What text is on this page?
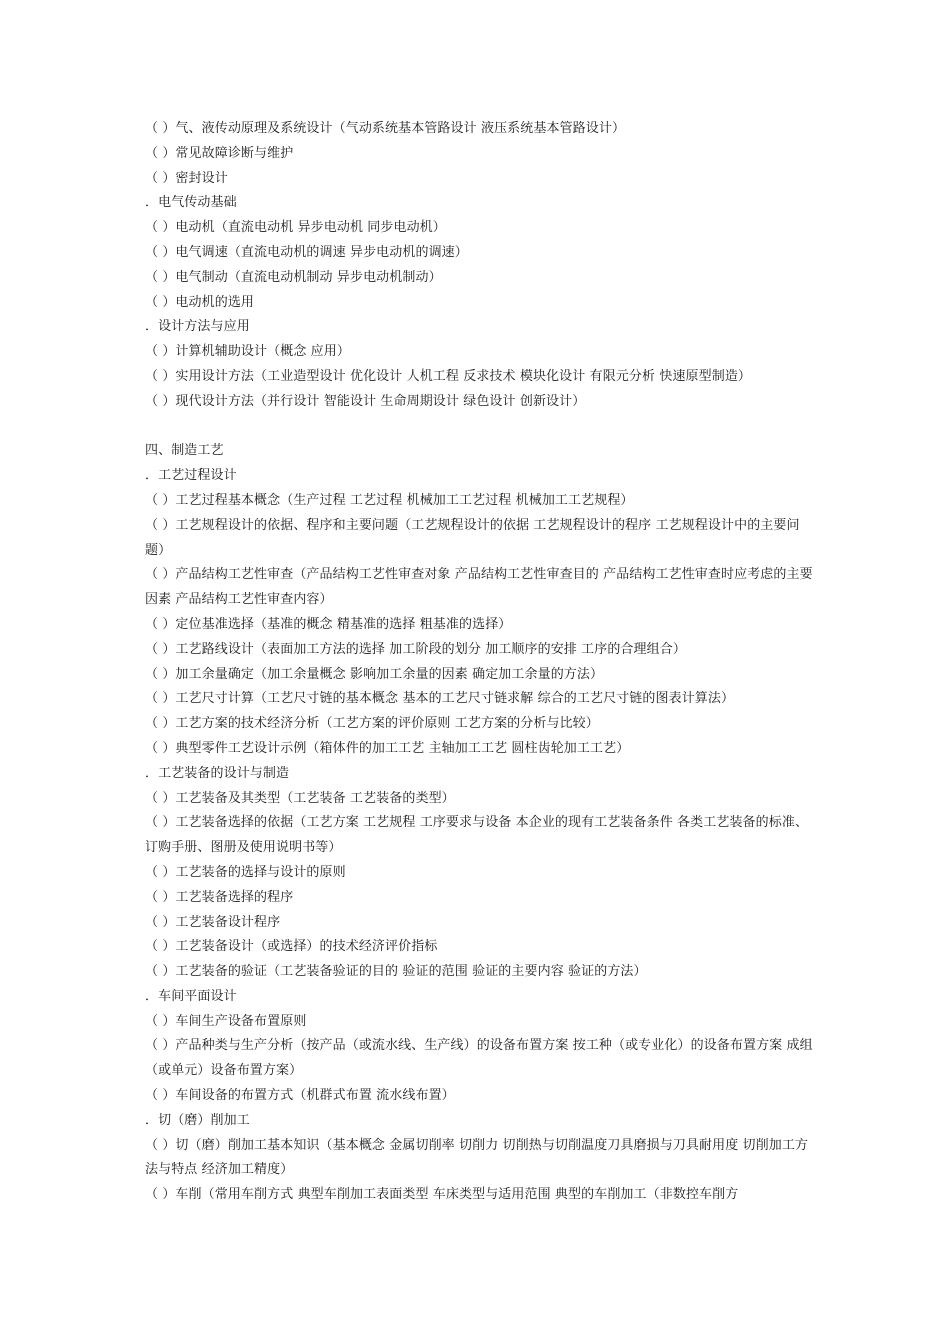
（ ）气、液传动原理及系统设计（气动系统基本管路设计 液压系统基本管路设计）
（ ）常见故障诊断与维护
（ ）密封设计
．电气传动基础
（ ）电动机（直流电动机 异步电动机 同步电动机）
（ ）电气调速（直流电动机的调速 异步电动机的调速）
（ ）电气制动（直流电动机制动 异步电动机制动）
（ ）电动机的选用
．设计方法与应用
（ ）计算机辅助设计（概念 应用）
（ ）实用设计方法（工业造型设计 优化设计 人机工程 反求技术 模块化设计 有限元分析 快速原型制造）
（ ）现代设计方法（并行设计 智能设计 生命周期设计 绿色设计 创新设计）
四、制造工艺
．工艺过程设计
（ ）工艺过程基本概念（生产过程 工艺过程 机械加工工艺过程 机械加工工艺规程）
（ ）工艺规程设计的依据、程序和主要问题（工艺规程设计的依据 工艺规程设计的程序 工艺规程设计中的主要问题）
（ ）产品结构工艺性审查（产品结构工艺性审查对象 产品结构工艺性审查目的 产品结构工艺性审查时应考虑的主要因素 产品结构工艺性审查内容）
（ ）定位基准选择（基准的概念 精基准的选择 粗基准的选择）
（ ）工艺路线设计（表面加工方法的选择 加工阶段的划分 加工顺序的安排 工序的合理组合）
（ ）加工余量确定（加工余量概念 影响加工余量的因素 确定加工余量的方法）
（ ）工艺尺寸计算（工艺尺寸链的基本概念 基本的工艺尺寸链求解 综合的工艺尺寸链的图表计算法）
（ ）工艺方案的技术经济分析（工艺方案的评价原则 工艺方案的分析与比较）
（ ）典型零件工艺设计示例（箱体件的加工工艺 主轴加工工艺 圆柱齿轮加工工艺）
．工艺装备的设计与制造
（ ）工艺装备及其类型（工艺装备 工艺装备的类型）
（ ）工艺装备选择的依据（工艺方案 工艺规程 工序要求与设备 本企业的现有工艺装备条件 各类工艺装备的标准、订购手册、图册及使用说明书等）
（ ）工艺装备的选择与设计的原则
（ ）工艺装备选择的程序
（ ）工艺装备设计程序
（ ）工艺装备设计（或选择）的技术经济评价指标
（ ）工艺装备的验证（工艺装备验证的目的 验证的范围 验证的主要内容 验证的方法）
．车间平面设计
（ ）车间生产设备布置原则
（ ）产品种类与生产分析（按产品（或流水线、生产线）的设备布置方案 按工种（或专业化）的设备布置方案 成组（或单元）设备布置方案）
（ ）车间设备的布置方式（机群式布置 流水线布置）
．切（磨）削加工
（ ）切（磨）削加工基本知识（基本概念 金属切削率 切削力 切削热与切削温度刀具磨损与刀具耐用度 切削加工方法与特点 经济加工精度）
（ ）车削（常用车削方式 典型车削加工表面类型 车床类型与适用范围 典型的车削加工（非数控车削方
